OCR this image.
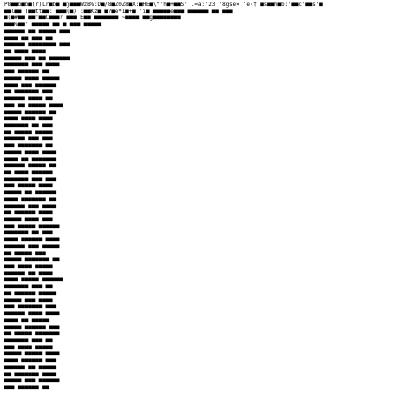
P8■■b■b■(r)Lr■b■ ■j■■■WzB%:D■/8■Z0Z8■X:■HE■\"'h■+■■S' .=å:'23 '8gsê¤ ‘ê·† ■s■■h■b:'■■c'■■s'■
■■l■■ T■■tt■■: ■■■(■) :■■Kz■ ■?■e*1■+■ 'i■ ■■■■■e■■■ ■■■■■■ ■■ ■■■
■(■#■■ ■■'■■C■■■? ■■■ E■■ ■■■■■■■ ~■■■■ ■■g■■■■■■■■
■■■%■■' ■■■■■ ■■ ■ ■■■ ■■■■■
■■■■■■ ■■ ■■■■■ ■■■
■■■■ ■■ ■■■ ■■
■■■■■■ ■■■■■■■■ ■■■
■■ ■■■■ ■■■■
■■■■■ ■■■ ■■ ■■■■■■
■■■■■■■ ■■■ ■■■■
■■■ ■■■■■■ ■■
■■■■■ ■■■■ ■■■■■
■■■■ ■■■ ■■■■■■
■■ ■■■■■■■ ■■■
■■■■■■ ■■■■ ■■
■■■ ■■ ■■■■■ ■■■■
■■■■■ ■■■■■■ ■■
■■■■ ■■■■ ■■■■
■■■■■■■ ■■ ■■■
■■ ■■■■■ ■■■■■
■■■■■■ ■■■ ■■■
■■■ ■■■■■■■ ■■
■■■■■ ■■■■ ■■■■
■■■■ ■■ ■■■■■■■
■■■■■■ ■■■■■ ■■
■■ ■■■■ ■■■■■■
■■■■■■■ ■■■ ■■■
■■■ ■■■■■ ■■■■
■■■■■ ■■ ■■■■■■
■■■■ ■■■■■■■ ■■
■■■■■■ ■■■ ■■■■
■■ ■■■■■■ ■■■■
■■■■■ ■■■■ ■■■
■■■ ■■■■■ ■■■■■■
■■■■■■■ ■■ ■■■
■■■■ ■■■■■■ ■■■■
■■■■■■ ■■■ ■■■■■
■■ ■■■■■ ■■■
■■■■■ ■■■■■■■ ■■
■■■ ■■■■ ■■■■■
■■■■■■ ■■ ■■■■
■■■■ ■■■■■ ■■■■■■
■■■■■■■ ■■■ ■■
■■ ■■■■■■ ■■■■■
■■■■■ ■■■ ■■■■
■■■ ■■■■■■■ ■■■
■■■■■■ ■■■■ ■■■■
■■■■ ■■ ■■■■■
■■■■■ ■■■■■■ ■■■
■■ ■■■■■ ■■■■■■■
■■■■■■■ ■■■ ■■
■■■ ■■■■ ■■■■■
■■■■■ ■■■■■ ■■■■
■■■■ ■■■■■■ ■■■
■■■■■■ ■■ ■■■■■
■■ ■■■■■■■ ■■■■
■■■■■ ■■■ ■■■■■■
■■■ ■■■■■■ ■■
